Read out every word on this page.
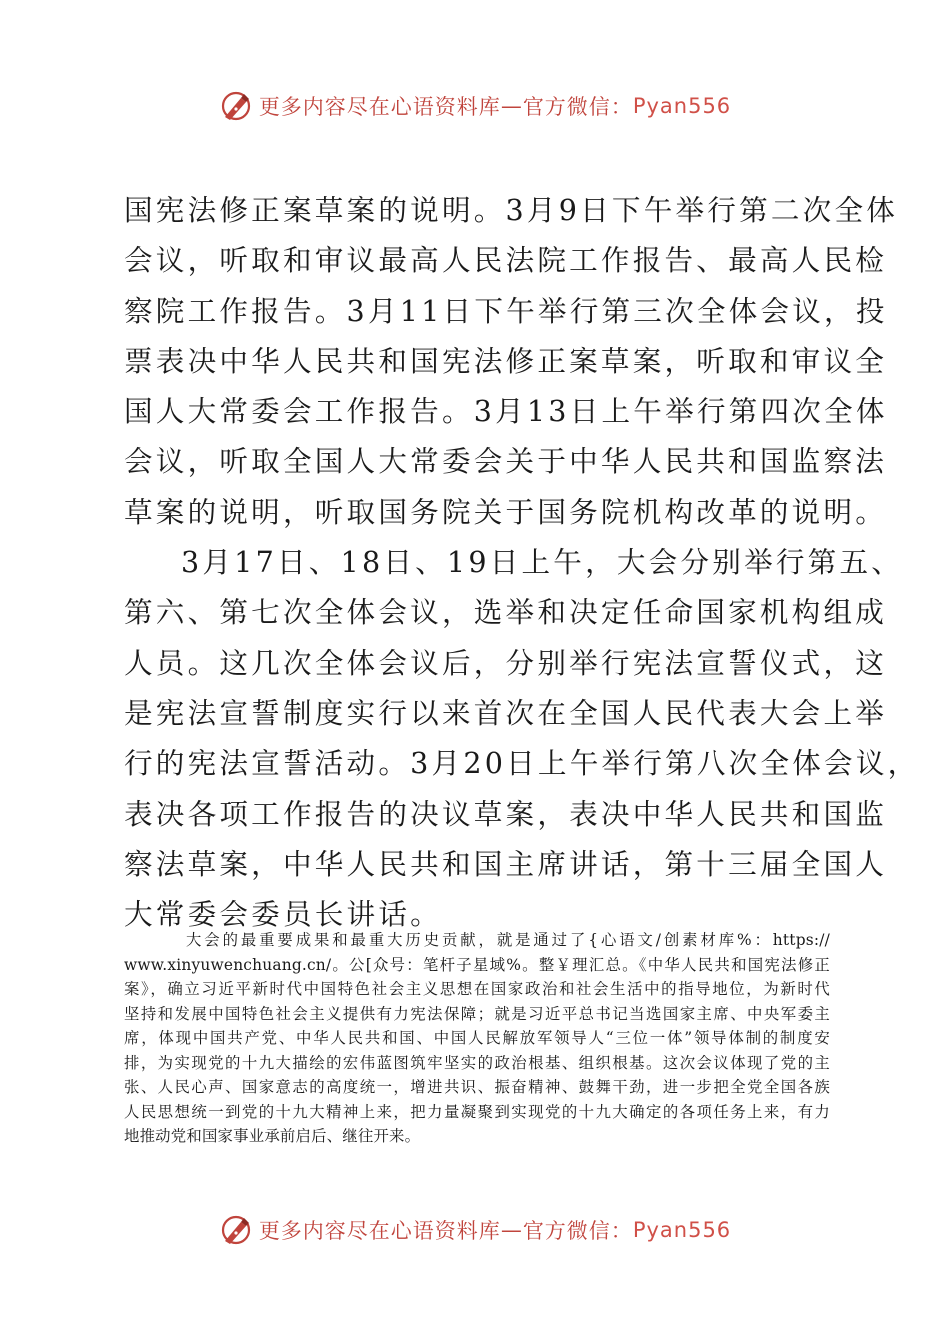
更多内容尽在心语资料库 — 官方微信： Pyan556
国宪法修正案草案的说明。3月9日下午举行第二次全体
会议，听取和审议最高人民法院工作报告、最高人民检
察院工作报告。3月11日下午举行第三次全体会议，投
票表决中华人民共和国宪法修正案草案，听取和审议全
国人大常委会工作报告。3月13日上午举行第四次全体
会议，听取全国人大常委会关于中华人民共和国监察法
草案的说明，听取国务院关于国务院机构改革的说明。
3月17日、18日、19日上午，大会分别举行第五、
第六、第七次全体会议，选举和决定任命国家机构组成
人员。这几次全体会议后，分别举行宪法宣誓仪式，这
是宪法宣誓制度实行以来首次在全国人民代表大会上举
行的宪法宣誓活动。3月20日上午举行第八次全体会议，
表决各项工作报告的决议草案，表决中华人民共和国监
察法草案，中华人民共和国主席讲话，第十三届全国人
大常委会委员长讲话。
大会的最重要成果和最重大历史贡献，就是通过了{心语文/创素材库%：https://
www.xinyuwenchuang.cn/。公[众号：笔杆子星域%。整￥理汇总。《中华人民共和国宪法修正
案》，确立习近平新时代中国特色社会主义思想在国家政治和社会生活中的指导地位，为新时代
坚持和发展中国特色社会主义提供有力宪法保障；就是习近平总书记当选国家主席、中央军委主
席，体现中国共产党、中华人民共和国、中国人民解放军领导人“三位一体”领导体制的制度安
排，为实现党的十九大描绘的宏伟蓝图筑牢坚实的政治根基、组织根基。这次会议体现了党的主
张、人民心声、国家意志的高度统一，增进共识、振奋精神、鼓舞干劲，进一步把全党全国各族
人民思想统一到党的十九大精神上来，把力量凝聚到实现党的十九大确定的各项任务上来，有力
地推动党和国家事业承前启后、继往开来。
更多内容尽在心语资料库 — 官方微信： Pyan556
